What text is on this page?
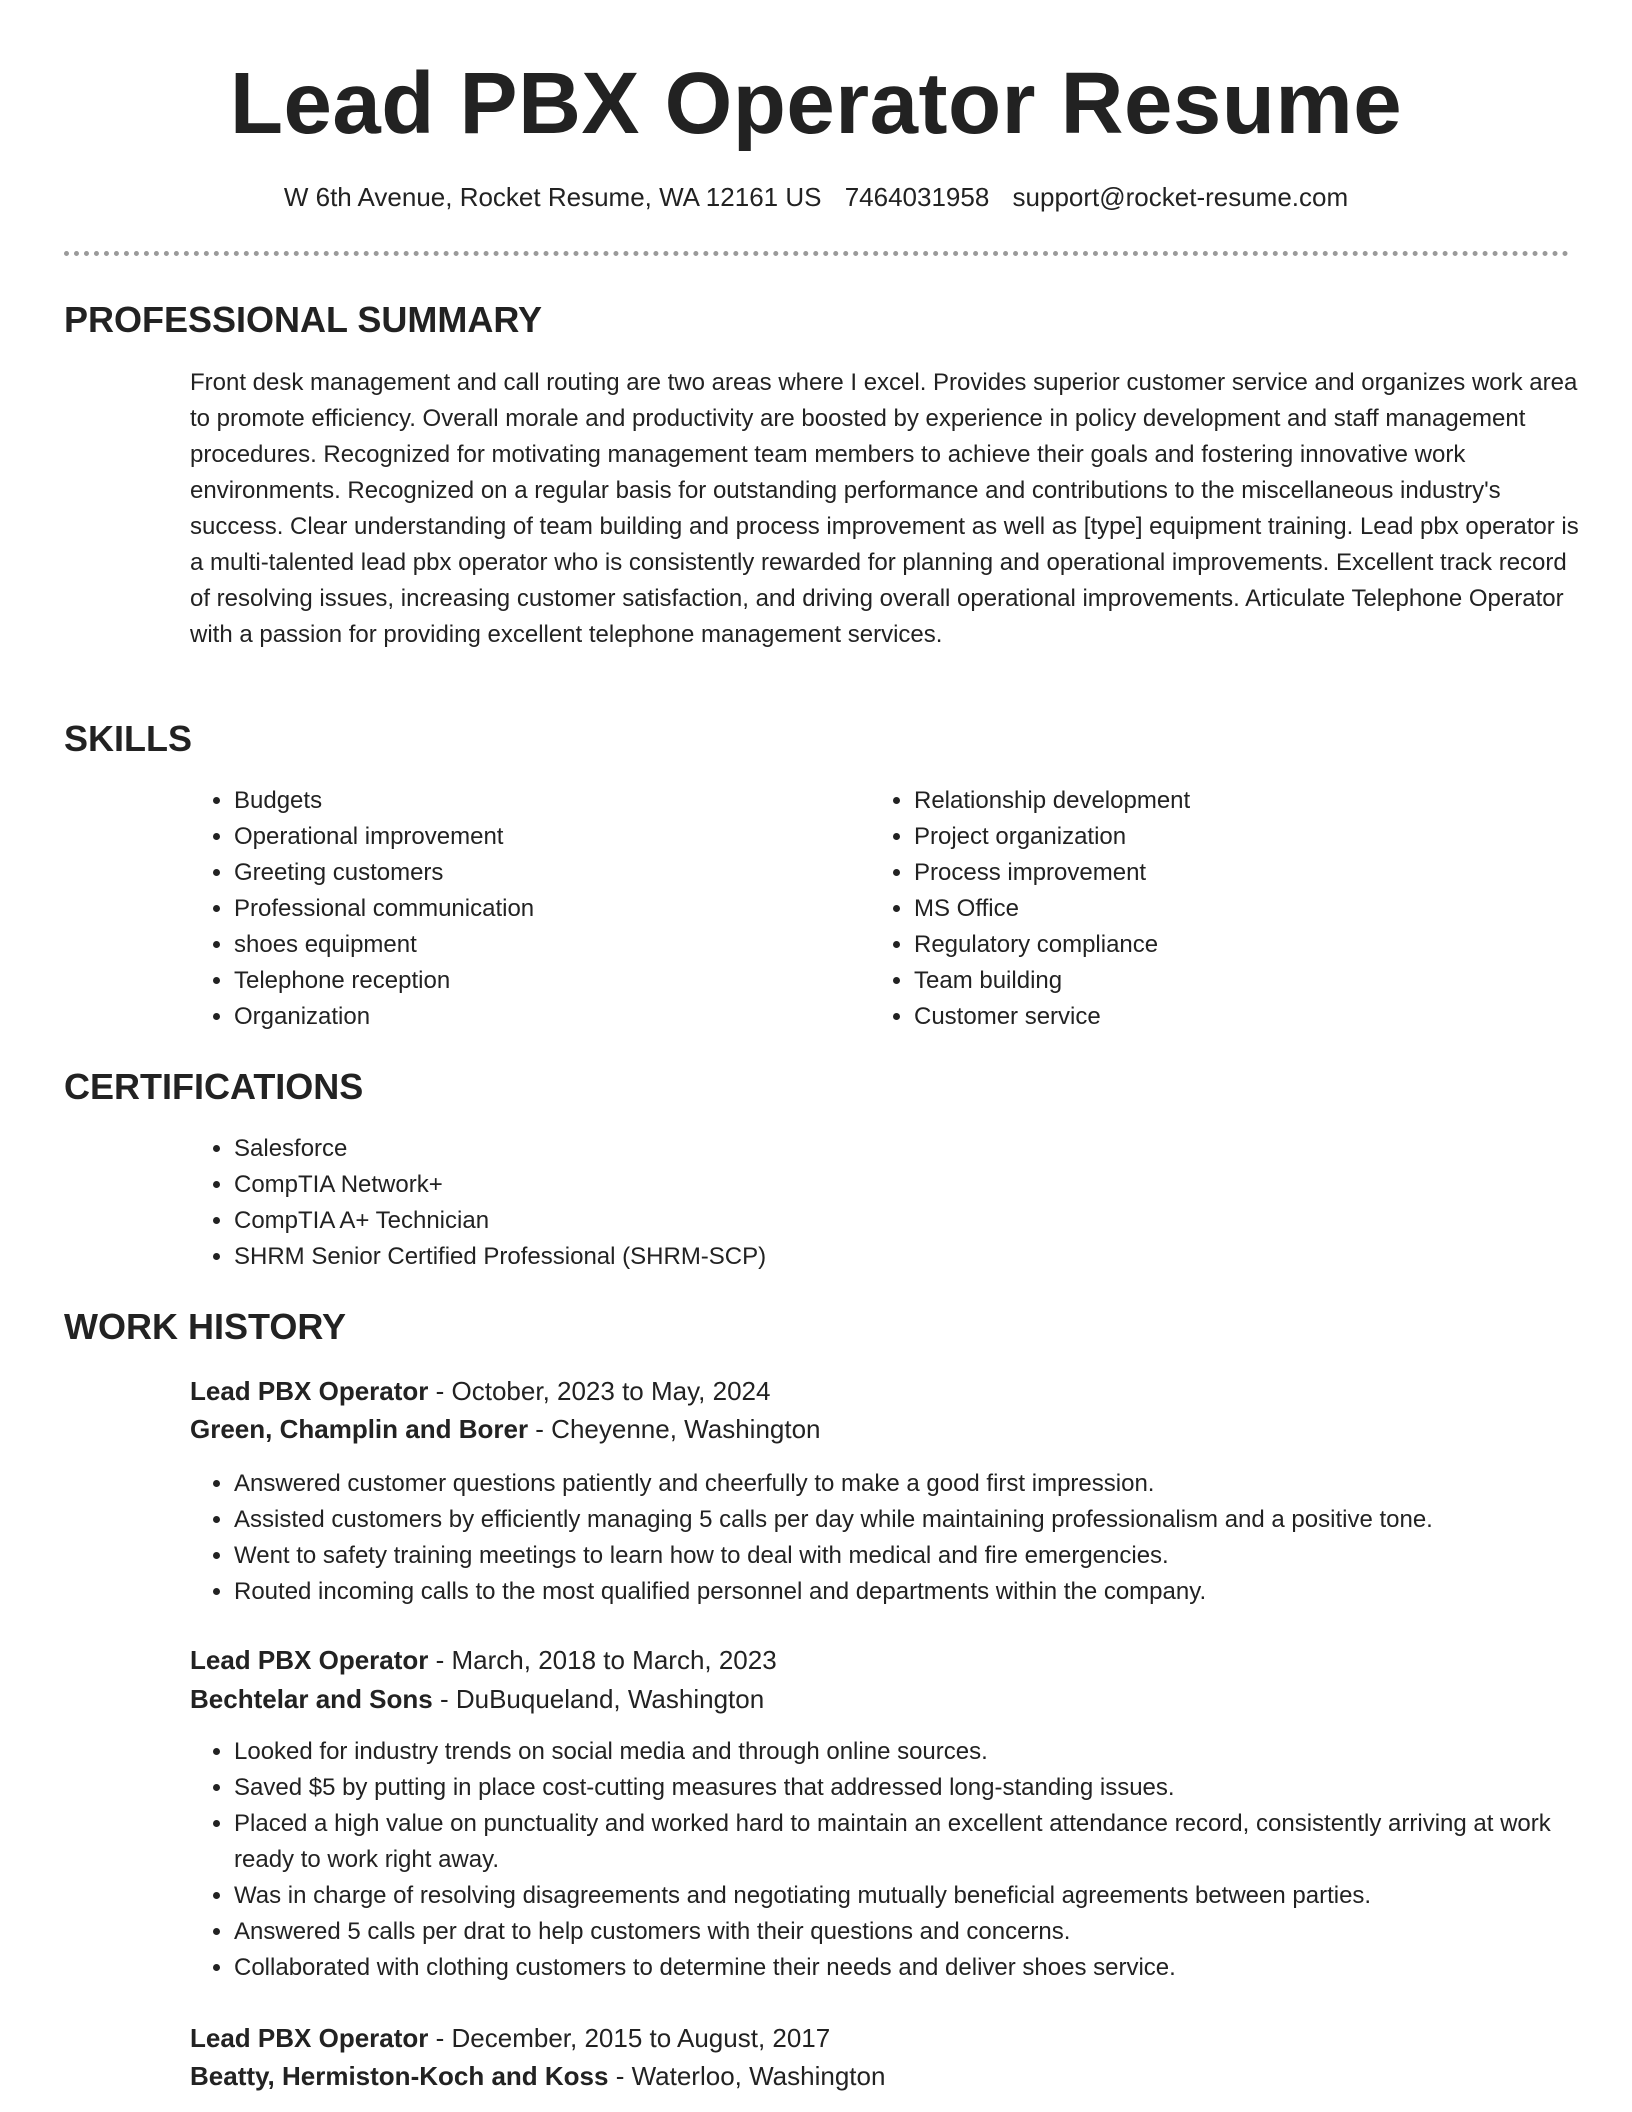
Lead PBX Operator Resume
W 6th Avenue, Rocket Resume, WA 12161 US 7464031958 support@rocket-resume.com
PROFESSIONAL SUMMARY

Front desk management and call routing are two areas where I excel. Provides superior customer service and organizes work area to promote efficiency. Overall morale and productivity are boosted by experience in policy development and staff management procedures. Recognized for motivating management team members to achieve their goals and fostering innovative work environments. Recognized on a regular basis for outstanding performance and contributions to the miscellaneous industry's success. Clear understanding of team building and process improvement as well as [type] equipment training. Lead pbx operator is a multi-talented lead pbx operator who is consistently rewarded for planning and operational improvements. Excellent track record of resolving issues, increasing customer satisfaction, and driving overall operational improvements. Articulate Telephone Operator with a passion for providing excellent telephone management services.

SKILLS
• Budgets
• Operational improvement
• Greeting customers
• Professional communication
• shoes equipment
• Telephone reception
• Organization
• Relationship development
• Project organization
• Process improvement
• MS Office
• Regulatory compliance
• Team building
• Customer service
CERTIFICATIONS
• Salesforce
• CompTIA Network+
• CompTIA A+ Technician
• SHRM Senior Certified Professional (SHRM-SCP)
WORK HISTORY
Lead PBX Operator - October, 2023 to May, 2024
Green, Champlin and Borer - Cheyenne, Washington
• Answered customer questions patiently and cheerfully to make a good first impression.
• Assisted customers by efficiently managing 5 calls per day while maintaining professionalism and a positive tone.
• Went to safety training meetings to learn how to deal with medical and fire emergencies.
• Routed incoming calls to the most qualified personnel and departments within the company.
Lead PBX Operator - March, 2018 to March, 2023
Bechtelar and Sons - DuBuqueland, Washington
• Looked for industry trends on social media and through online sources.
• Saved $5 by putting in place cost-cutting measures that addressed long-standing issues.
• Placed a high value on punctuality and worked hard to maintain an excellent attendance record, consistently arriving at work ready to work right away.
• Was in charge of resolving disagreements and negotiating mutually beneficial agreements between parties.
• Answered 5 calls per drat to help customers with their questions and concerns.
• Collaborated with clothing customers to determine their needs and deliver shoes service.
Lead PBX Operator - December, 2015 to August, 2017
Beatty, Hermiston-Koch and Koss - Waterloo, Washington
